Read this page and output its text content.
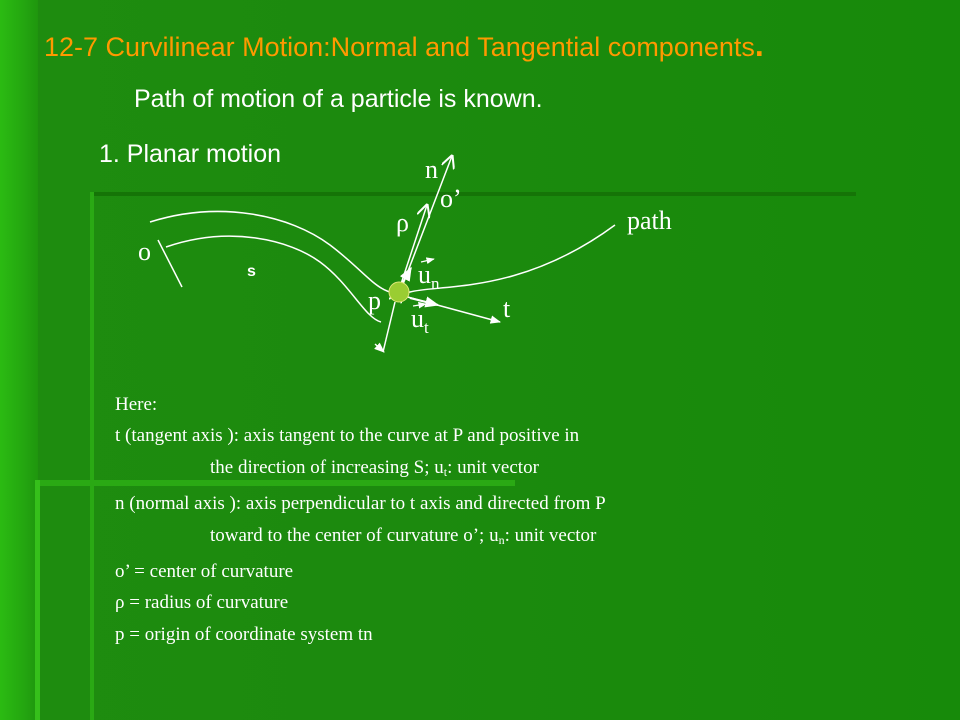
12-7 Curvilinear Motion:Normal and Tangential components.
Path of motion of a particle is known.
1. Planar motion
n
o’
ρ	path
o
s
p	t
$u_n$
$u_t$
Here:
t (tangent axis ): axis tangent to the curve at P and positive in
the direction of increasing S; $u_t$: unit vector
n (normal axis ): axis perpendicular to t axis and directed from P
toward to the center of curvature o’; $u_n$: unit vector
o’ = center of curvature
ρ = radius of curvature
p = origin of coordinate system tn
